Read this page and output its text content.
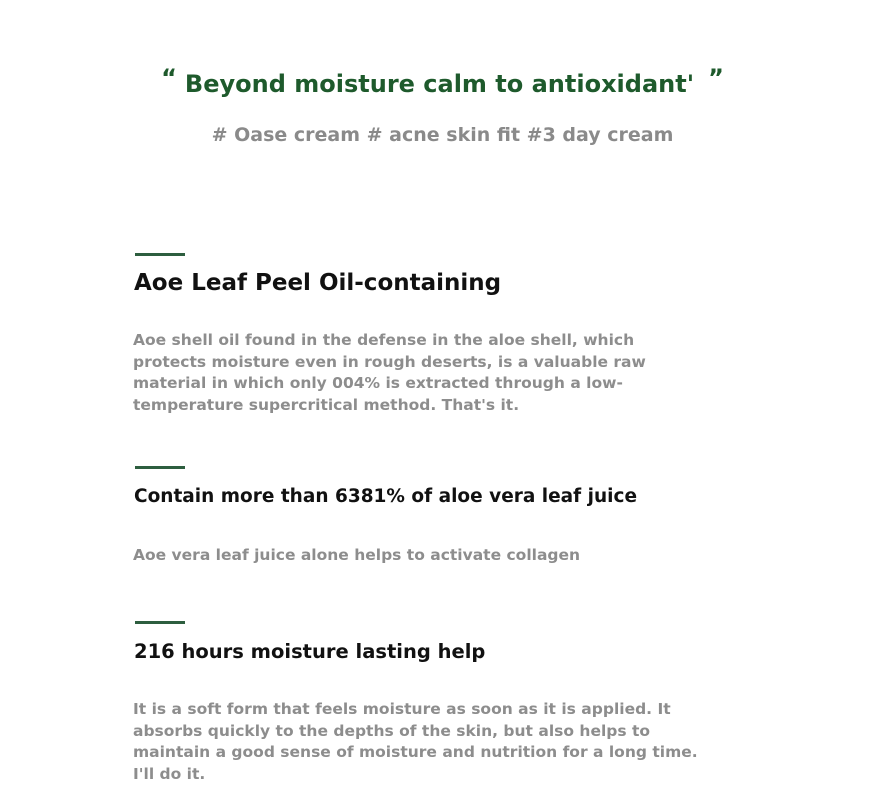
“ Beyond moisture calm to antioxidant' ”
# Oase cream # acne skin fit #3 day cream
Aoe Leaf Peel Oil-containing
Aoe shell oil found in the defense in the aloe shell, which protects moisture even in rough deserts, is a valuable raw material in which only 004% is extracted through a low-temperature supercritical method. That's it.
Contain more than 6381% of aloe vera leaf juice
Aoe vera leaf juice alone helps to activate collagen
216 hours moisture lasting help
It is a soft form that feels moisture as soon as it is applied. It absorbs quickly to the depths of the skin, but also helps to maintain a good sense of moisture and nutrition for a long time. I'll do it.
